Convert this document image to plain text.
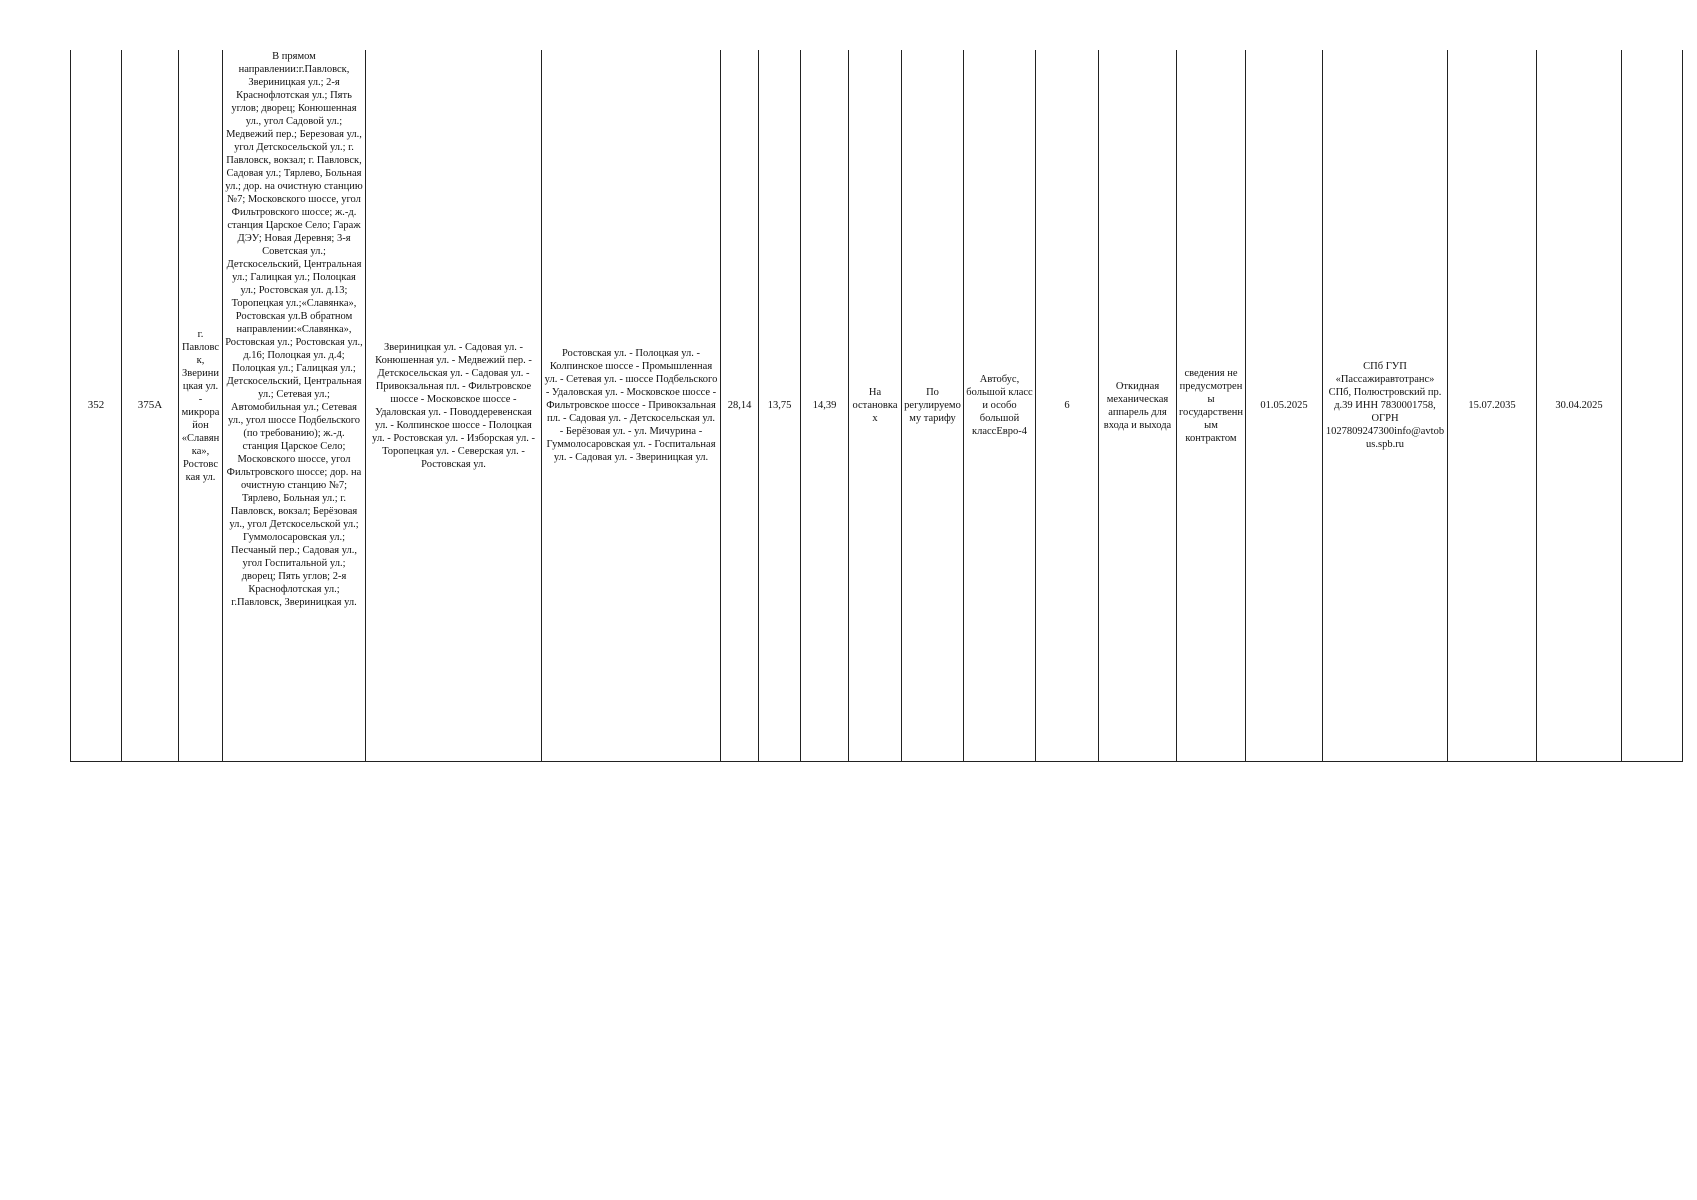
352	375А	г. Павловск, Звериницкая ул. - микрорайон «Славянка», Ростовская ул.	В прямом направлении:г.Павловск, Звериницкая ул.; 2-я Краснофлотская ул.; Пять углов; дворец; Конюшенная ул., угол Садовой ул.; Медвежий пер.; Березовая ул., угол Детскосельской ул.; г. Павловск, вокзал; г. Павловск, Садовая ул.; Тярлево, Больная ул.; дор. на очистную станцию №7; Московского шоссе, угол Фильтровского шоссе; ж.-д. станция Царское Село; Гараж ДЭУ; Новая Деревня; 3-я Советская ул.; Детскосельский, Центральная ул.; Галицкая ул.; Полоцкая ул.; Ростовская ул. д.13; Торопецкая ул.;«Славянка», Ростовская ул.В обратном направлении:«Славянка», Ростовская ул.; Ростовская ул., д.16; Полоцкая ул. д.4; Полоцкая ул.; Галицкая ул.; Детскосельский, Центральная ул.; Сетевая ул.; Автомобильная ул.; Сетевая ул., угол шоссе Подбельского (по требованию); ж.-д. станция Царское Село; Московского шоссе, угол Фильтровского шоссе; дор. на очистную станцию №7; Тярлево, Больная ул.; г. Павловск, вокзал; Берёзовая ул., угол Детскосельской ул.; Гуммолосаровская ул.; Песчаный пер.; Садовая ул., угол Госпитальной ул.; дворец; Пять углов; 2-я Краснофлотская ул.; г.Павловск, Звериницкая ул.	Звериницкая ул. - Садовая ул. - Конюшенная ул. - Медвежий пер. - Детскосельская ул. - Садовая ул. - Привокзальная пл. - Фильтровское шоссе - Московское шоссе - Удаловская ул. - Поводдеревенская ул. - Колпинское шоссе - Полоцкая ул. - Ростовская ул. - Изборская ул. - Торопецкая ул. - Северская ул. - Ростовская ул.	Ростовская ул. - Полоцкая ул. - Колпинское шоссе - Промышленная ул. - Сетевая ул. - шоссе Подбельского - Удаловская ул. - Московское шоссе - Фильтровское шоссе - Привокзальная пл. - Садовая ул. - Детскосельская ул. - Берёзовая ул. - ул. Мичурина - Гуммолосаровская ул. - Госпитальная ул. - Садовая ул. - Звериницкая ул.	28,14	13,75	14,39	На остановках	По регулируемому тарифу	Автобус, большой класс и особо большой классЕвро-4	6	Откидная механическая аппарель для входа и выхода	сведения не предусмотрены государственным контрактом	01.05.2025	СПб ГУП «Пассажиравтотранс» СПб, Полюстровский пр. д.39 ИНН 7830001758, ОГРН 1027809247300info@avtobus.spb.ru	15.07.2035	30.04.2025	
